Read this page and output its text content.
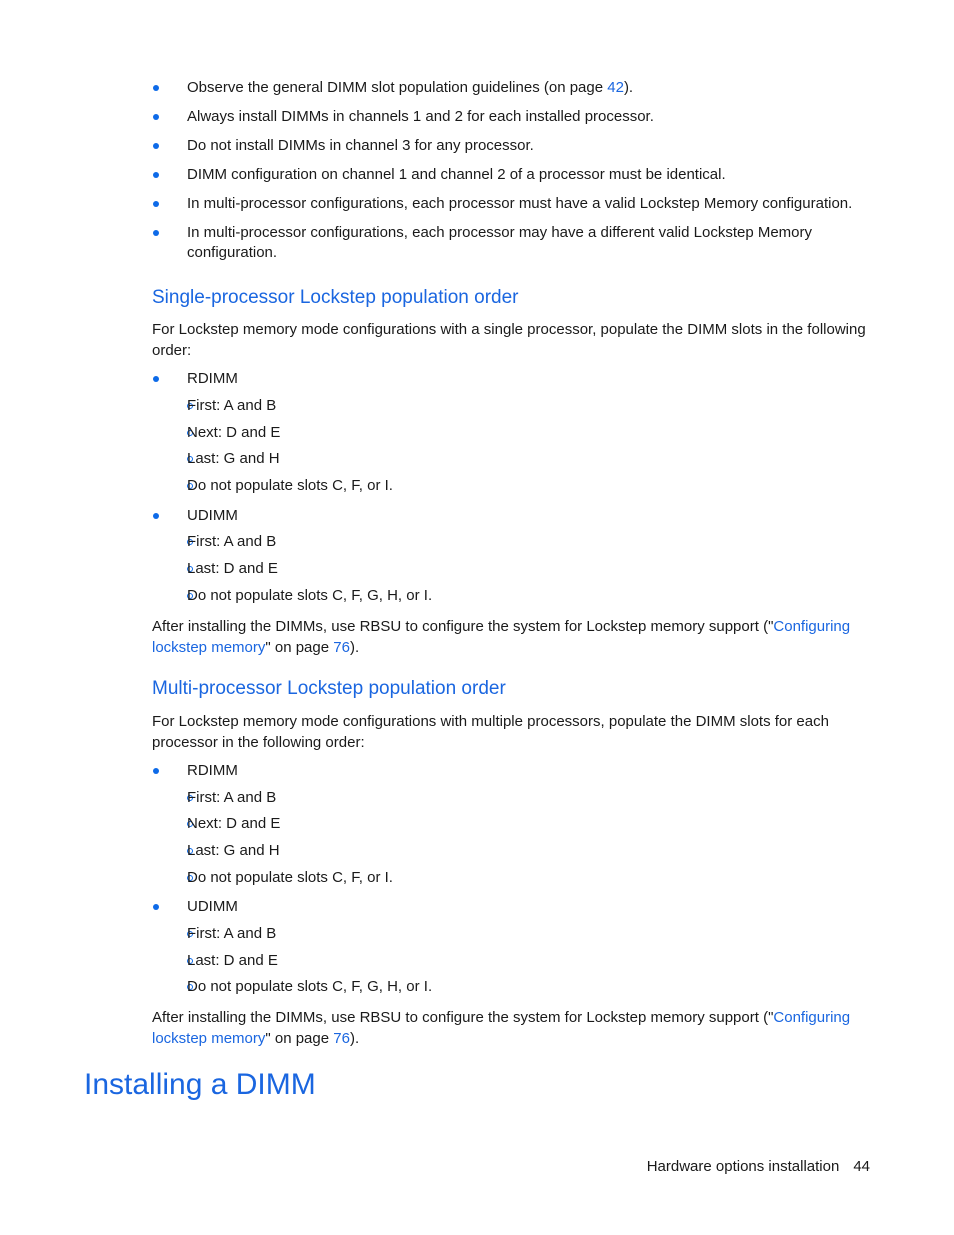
Observe the general DIMM slot population guidelines (on page 42).
Always install DIMMs in channels 1 and 2 for each installed processor.
Do not install DIMMs in channel 3 for any processor.
DIMM configuration on channel 1 and channel 2 of a processor must be identical.
In multi-processor configurations, each processor must have a valid Lockstep Memory configuration.
In multi-processor configurations, each processor may have a different valid Lockstep Memory configuration.
Single-processor Lockstep population order

For Lockstep memory mode configurations with a single processor, populate the DIMM slots in the following order:

RDIMM
First: A and B
Next: D and E
Last: G and H
Do not populate slots C, F, or I.
UDIMM
First: A and B
Last: D and E
Do not populate slots C, F, G, H, or I.

After installing the DIMMs, use RBSU to configure the system for Lockstep memory support ("Configuring
lockstep memory" on page 76).

Multi-processor Lockstep population order

For Lockstep memory mode configurations with multiple processors, populate the DIMM slots for each processor in the following order:

RDIMM
First: A and B
Next: D and E
Last: G and H
Do not populate slots C, F, or I.
UDIMM
First: A and B
Last: D and E
Do not populate slots C, F, G, H, or I.

After installing the DIMMs, use RBSU to configure the system for Lockstep memory support ("Configuring
lockstep memory" on page 76).

Installing a DIMM
Hardware options installation 44
